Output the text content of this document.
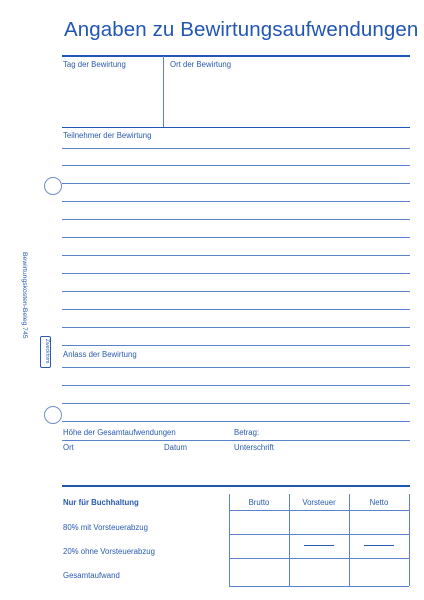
Angaben zu Bewirtungsaufwendungen
Bewirtungskosten-Beleg 745
Zweckform
Tag der Bewirtung	Ort der Bewirtung
Teilnehmer der Bewirtung
Anlass der Bewirtung
Höhe der Gesamtaufwendungen	Betrag:
Ort	Datum	Unterschrift
Nur für Buchhaltung	Brutto	Vorsteuer	Netto
80% mit Vorsteuerabzug
20% ohne Vorsteuerabzug
Gesamtaufwand
